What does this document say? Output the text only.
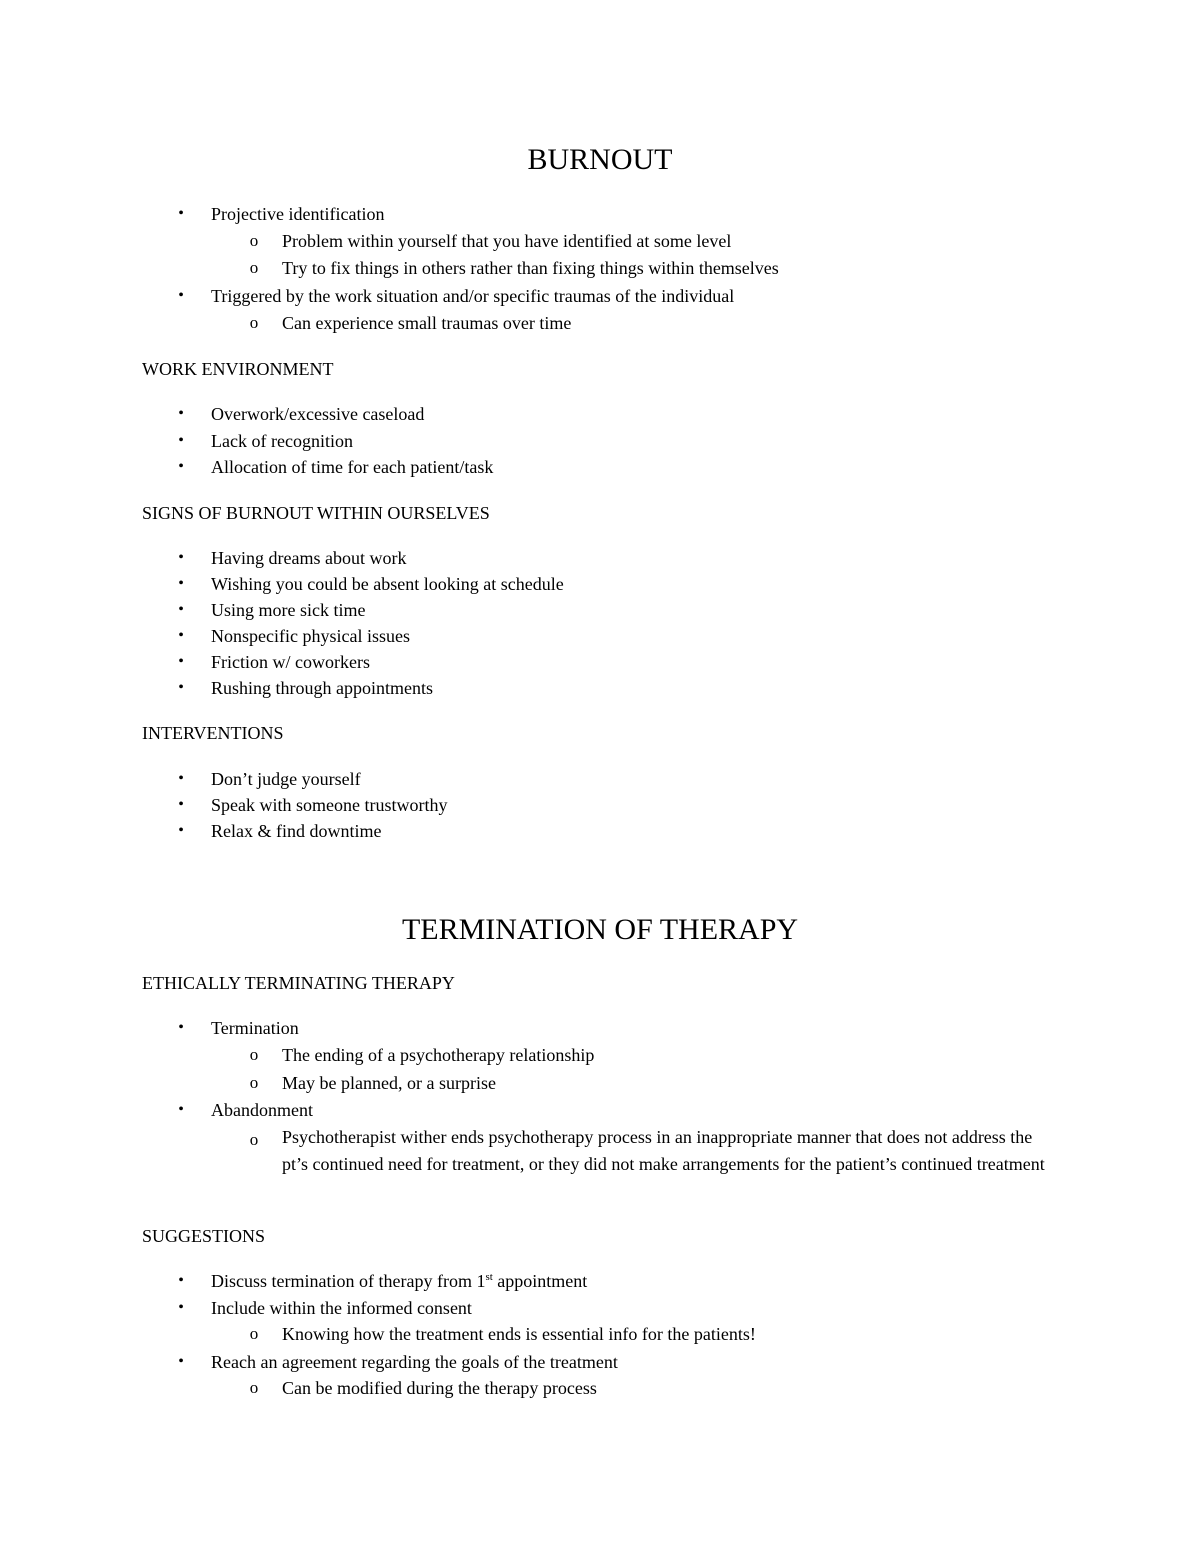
BURNOUT
• Projective identification
o Problem within yourself that you have identified at some level
o Try to fix things in others rather than fixing things within themselves
• Triggered by the work situation and/or specific traumas of the individual
o Can experience small traumas over time
WORK ENVIRONMENT
• Overwork/excessive caseload
• Lack of recognition
• Allocation of time for each patient/task
SIGNS OF BURNOUT WITHIN OURSELVES
• Having dreams about work
• Wishing you could be absent looking at schedule
• Using more sick time
• Nonspecific physical issues
• Friction w/ coworkers
• Rushing through appointments
INTERVENTIONS
• Don’t judge yourself
• Speak with someone trustworthy
• Relax & find downtime
TERMINATION OF THERAPY
ETHICALLY TERMINATING THERAPY
• Termination
o The ending of a psychotherapy relationship
o May be planned, or a surprise
• Abandonment
o Psychotherapist wither ends psychotherapy process in an inappropriate manner that does not address the pt’s continued need for treatment, or they did not make arrangements for the patient’s continued treatment
SUGGESTIONS
• Discuss termination of therapy from 1st appointment
• Include within the informed consent
o Knowing how the treatment ends is essential info for the patients!
• Reach an agreement regarding the goals of the treatment
o Can be modified during the therapy process
